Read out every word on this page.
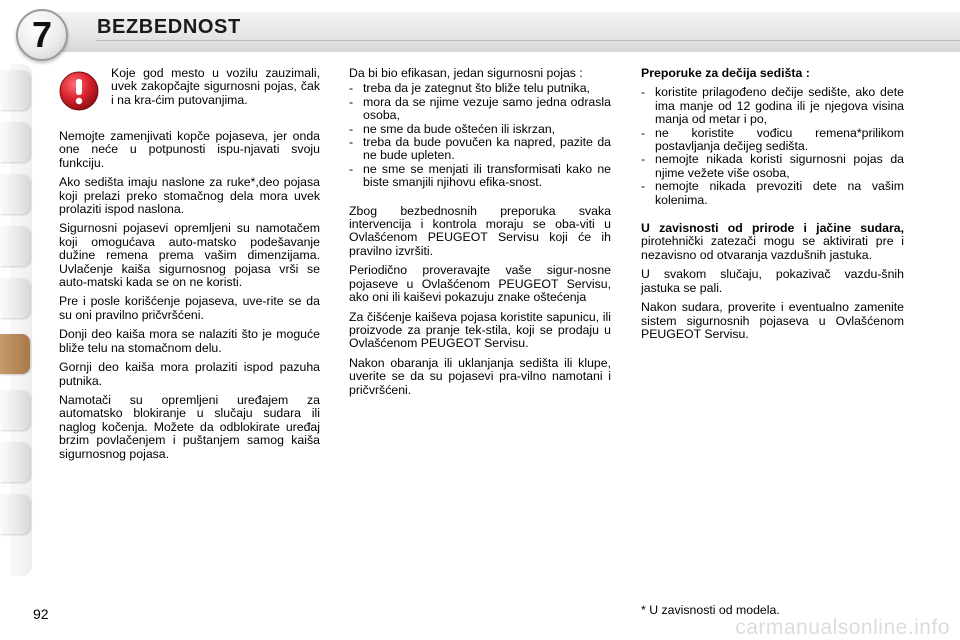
7	BEZBEDNOST
Koje god mesto u vozilu zauzimali, uvek zakopčajte sigurnosni pojas, čak i na kra-ćim putovanjima.

Nemojte zamenjivati kopče pojaseva, jer onda one neće u potpunosti ispu-njavati svoju funkciju.

Ako sedišta imaju naslone za ruke*,deo pojasa koji prelazi preko stomačnog dela mora uvek prolaziti ispod naslona.

Sigurnosni pojasevi opremljeni su namotačem koji omogućava auto-matsko podešavanje dužine remena prema vašim dimenzijama. Uvlačenje kaiša sigurnosnog pojasa vrši se auto-matski kada se on ne koristi.

Pre i posle korišćenje pojaseva, uve-rite se da su oni pravilno pričvršćeni.

Donji deo kaiša mora se nalaziti što je moguće bliže telu na stomačnom delu.

Gornji deo kaiša mora prolaziti ispod pazuha putnika.

Namotači su opremljeni uređajem za automatsko blokiranje u slučaju sudara ili naglog kočenja. Možete da odblokirate uređaj brzim povlačenjem i puštanjem samog kaiša sigurnosnog pojasa.

Da bi bio efikasan, jedan sigurnosni pojas :

- treba da je zategnut što bliže telu putnika,
- mora da se njime vezuje samo jedna odrasla osoba,
- ne sme da bude oštećen ili iskrzan,
- treba da bude povučen ka napred, pazite da ne bude upleten.
- ne sme se menjati ili transformisati kako ne biste smanjili njihovu efika-snost.

Zbog bezbednosnih preporuka svaka intervencija i kontrola moraju se oba-viti u Ovlašćenom PEUGEOT Servisu koji će ih pravilno izvršiti.

Periodično proveravajte vaše sigur-nosne pojaseve u Ovlašćenom PEUGEOT Servisu, ako oni ili kaiševi pokazuju znake oštećenja

Za čišćenje kaiševa pojasa koristite sapunicu, ili proizvode za pranje tek-stila, koji se prodaju u Ovlašćenom PEUGEOT Servisu.

Nakon obaranja ili uklanjanja sedišta ili klupe, uverite se da su pojasevi pra-vilno namotani i pričvršćeni.

Preporuke za dečija sedišta :

- koristite prilagođeno dečije sedište, ako dete ima manje od 12 godina ili je njegova visina manja od metar i po,
- ne koristite vođicu remena*prilikom postavljanja dečijeg sedišta.
- nemojte nikada koristi sigurnosni pojas da njime vežete više osoba,
- nemojte nikada prevoziti dete na vašim kolenima.

U zavisnosti od prirode i jačine sudara, pirotehnički zatezači mogu se aktivirati pre i nezavisno od otvaranja vazdušnih jastuka.

U svakom slučaju, pokazivač vazdu-šnih jastuka se pali.

Nakon sudara, proverite i eventualno zamenite sistem sigurnosnih pojaseva u Ovlašćenom PEUGEOT Servisu.

92	* U zavisnosti od modela.
carmanualsonline.info
